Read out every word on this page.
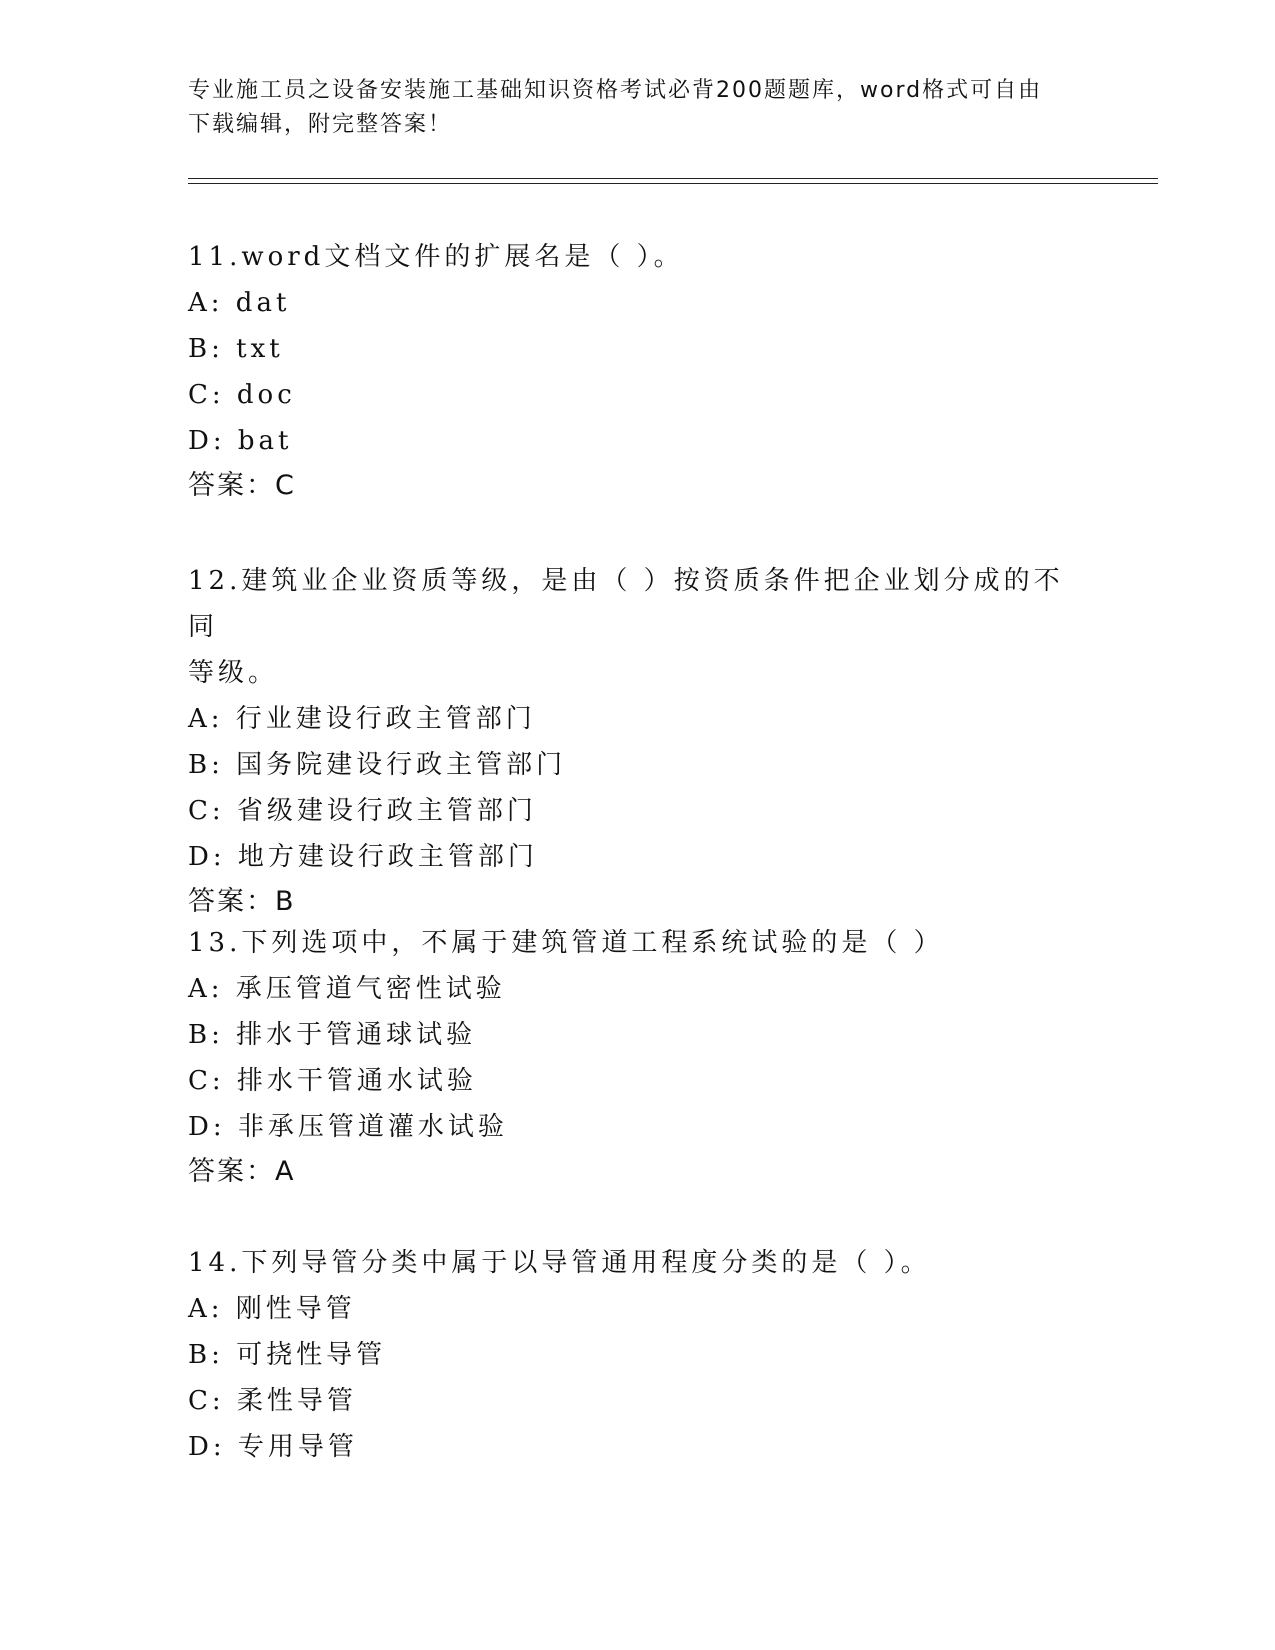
专业施工员之设备安装施工基础知识资格考试必背200题题库，word格式可自由
下载编辑，附完整答案！
11.word文档文件的扩展名是（ ）。
A: dat
B: txt
C: doc
D: bat
答案：C
12.建筑业企业资质等级，是由（ ）按资质条件把企业划分成的不同
等级。
A: 行业建设行政主管部门
B: 国务院建设行政主管部门
C: 省级建设行政主管部门
D: 地方建设行政主管部门
答案：B
13.下列选项中，不属于建筑管道工程系统试验的是（ ）
A: 承压管道气密性试验
B: 排水于管通球试验
C: 排水干管通水试验
D: 非承压管道灌水试验
答案：A
14.下列导管分类中属于以导管通用程度分类的是（ ）。
A: 刚性导管
B: 可挠性导管
C: 柔性导管
D: 专用导管
